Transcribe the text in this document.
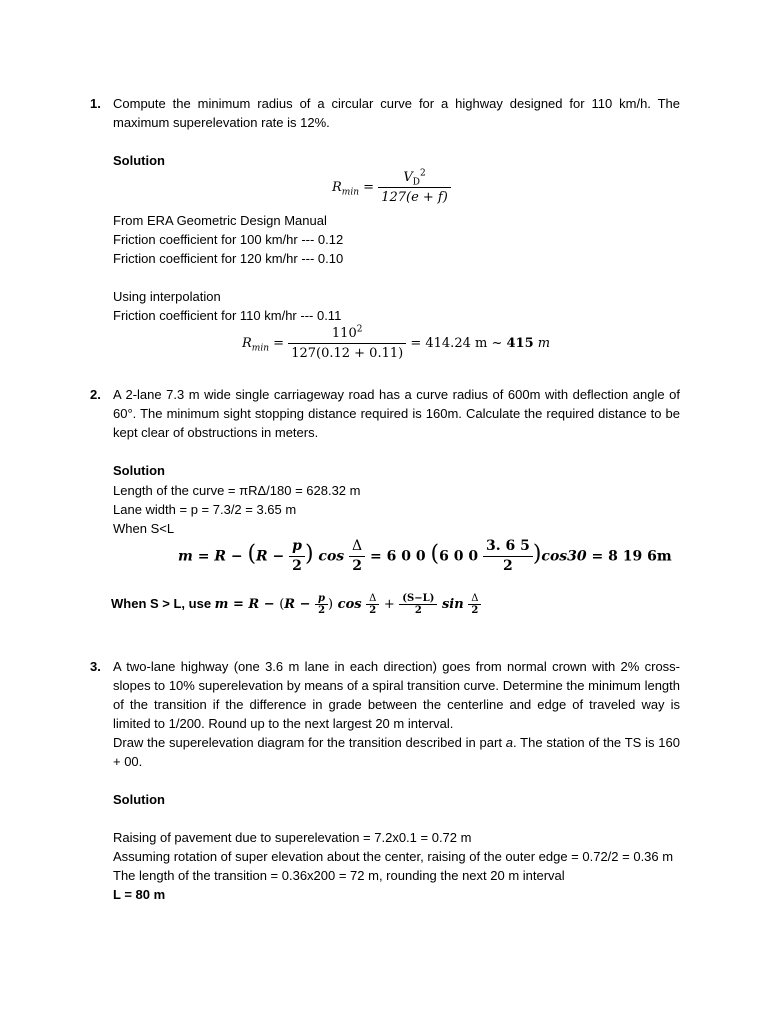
1. Compute the minimum radius of a circular curve for a highway designed for 110 km/h. The maximum superelevation rate is 12%.

Solution
$R_{min} = \frac{V_D^2}{127(e + f)}$

From ERA Geometric Design Manual

Friction coefficient for 100 km/hr --- 0.12

Friction coefficient for 120 km/hr --- 0.10

Using interpolation

Friction coefficient for 110 km/hr --- 0.11

$R_{min} = \frac{110^2}{127(0.12 + 0.11)} = 414.24$ m ~ 415 m
2. A 2-lane 7.3 m wide single carriageway road has a curve radius of 600m with deflection angle of 60°. The minimum sight stopping distance required is 160m. Calculate the required distance to be kept clear of obstructions in meters.

Solution

Length of the curve = πRΔ/180 = 628.32 m

Lane width = p = 7.3/2 = 3.65 m

When S<L

$m = R - (R - \frac{p}{2}$ ) $\cos \frac{\Delta}{2} = 6$ 0 0 (6 0 $0 \frac{3. 6 5}{2} )\cos 30 = 8$ 19 6m
When S > L, use $m = R - (R - \frac{p}{2}$ ) $\cos \frac{\Delta}{2} + \frac{(S-L)}{2}$ $\sin \frac{\Delta}{2}$
3. A two-lane highway (one 3.6 m lane in each direction) goes from normal crown with 2% cross-slopes to 10% superelevation by means of a spiral transition curve. Determine the minimum length of the transition if the difference in grade between the centerline and edge of traveled way is limited to 1/200. Round up to the next largest 20 m interval.

Draw the superelevation diagram for the transition described in part a. The station of the TS is 160 + 00.

Solution

Raising of pavement due to superelevation = 7.2x0.1 = 0.72 m

Assuming rotation of super elevation about the center, raising of the outer edge = 0.72/2 = 0.36 m

The length of the transition = 0.36x200 = 72 m, rounding the next 20 m interval

L = 80 m
